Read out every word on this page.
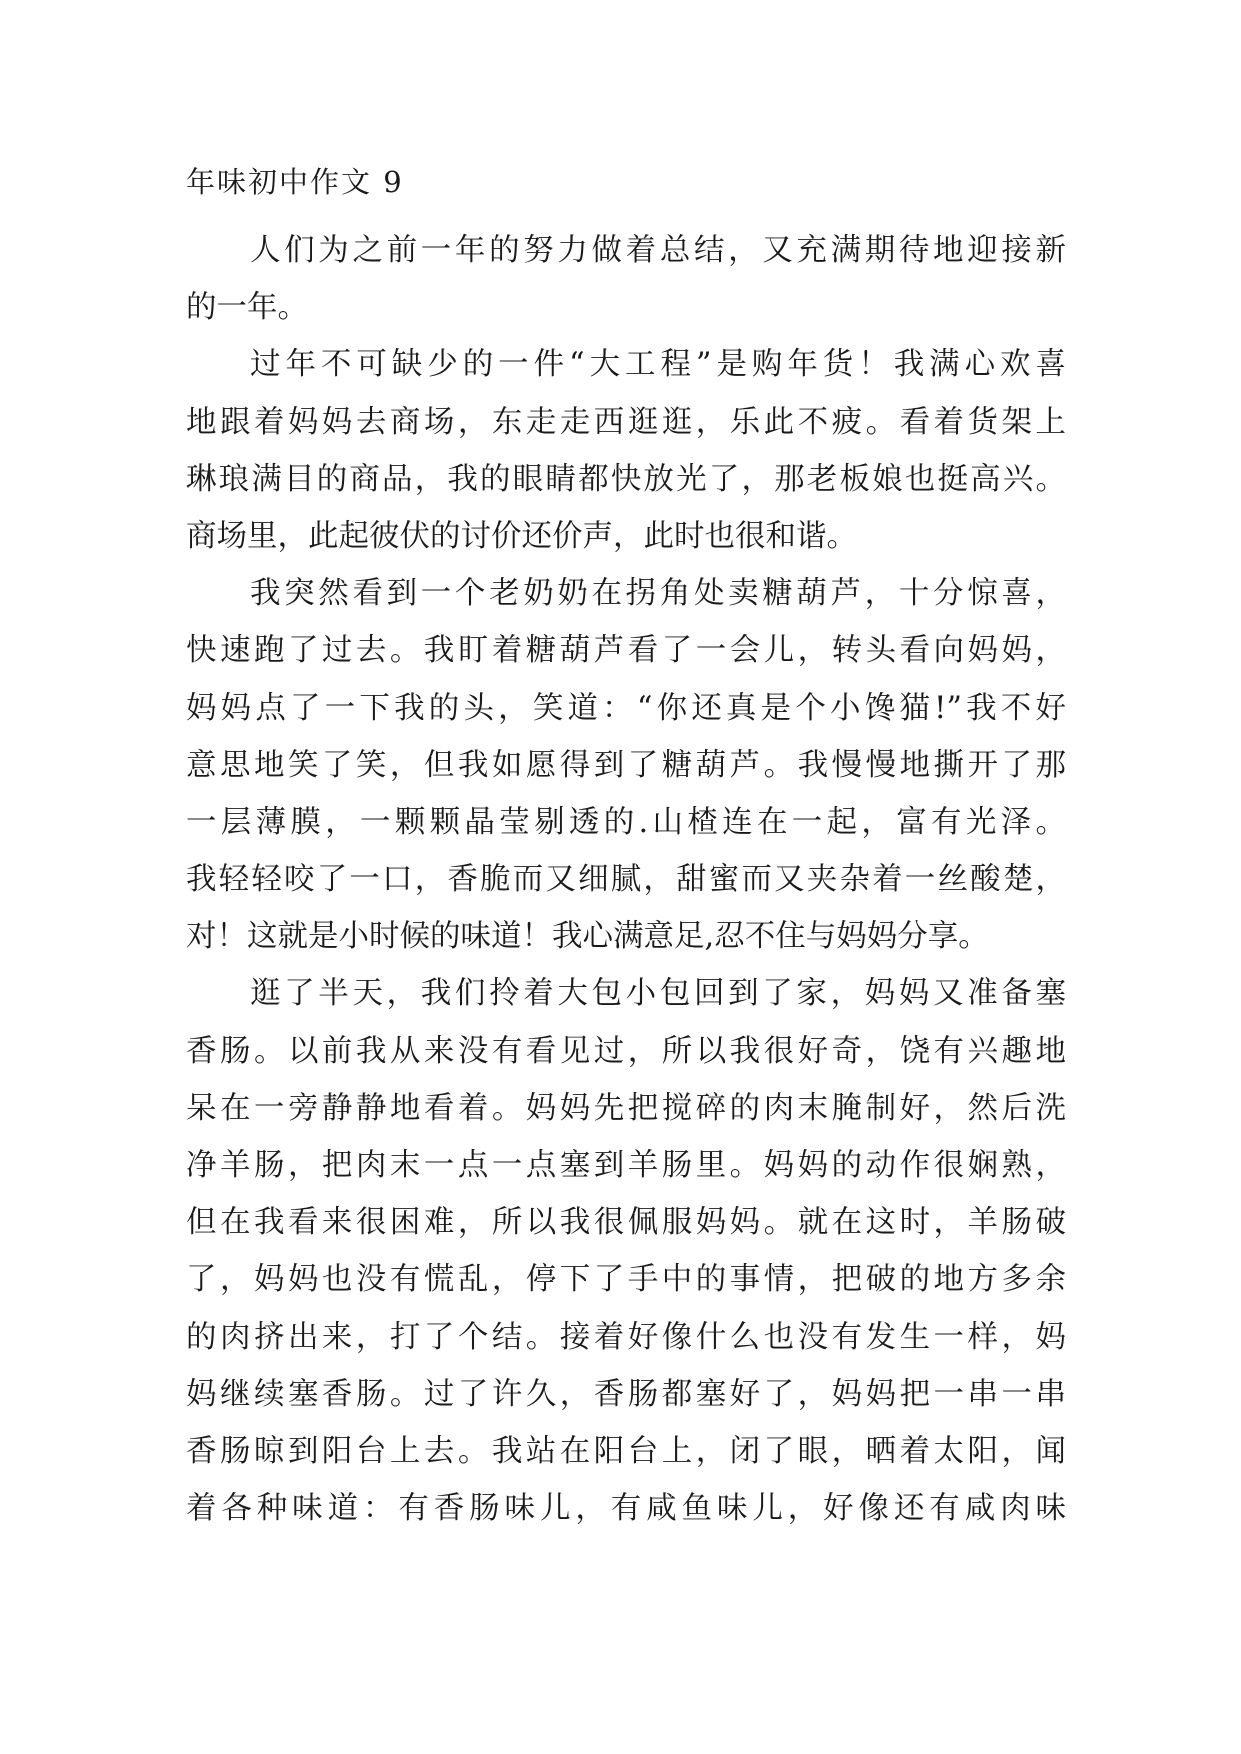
年味初中作文 9
人们为之前一年的努力做着总结，又充满期待地迎接新
的一年。
过年不可缺少的一件“大工程”是购年货！我满心欢喜
地跟着妈妈去商场，东走走西逛逛，乐此不疲。看着货架上
琳琅满目的商品，我的眼睛都快放光了，那老板娘也挺高兴。
商场里，此起彼伏的讨价还价声，此时也很和谐。
我突然看到一个老奶奶在拐角处卖糖葫芦，十分惊喜，
快速跑了过去。我盯着糖葫芦看了一会儿，转头看向妈妈，
妈妈点了一下我的头，笑道：“你还真是个小馋猫!”我不好
意思地笑了笑，但我如愿得到了糖葫芦。我慢慢地撕开了那
一层薄膜，一颗颗晶莹剔透的.山楂连在一起，富有光泽。
我轻轻咬了一口，香脆而又细腻，甜蜜而又夹杂着一丝酸楚，
对！这就是小时候的味道！我心满意足,忍不住与妈妈分享。
逛了半天，我们拎着大包小包回到了家，妈妈又准备塞
香肠。以前我从来没有看见过，所以我很好奇，饶有兴趣地
呆在一旁静静地看着。妈妈先把搅碎的肉末腌制好，然后洗
净羊肠，把肉末一点一点塞到羊肠里。妈妈的动作很娴熟，
但在我看来很困难，所以我很佩服妈妈。就在这时，羊肠破
了，妈妈也没有慌乱，停下了手中的事情，把破的地方多余
的肉挤出来，打了个结。接着好像什么也没有发生一样，妈
妈继续塞香肠。过了许久，香肠都塞好了，妈妈把一串一串
香肠晾到阳台上去。我站在阳台上，闭了眼，晒着太阳，闻
着各种味道：有香肠味儿，有咸鱼味儿，好像还有咸肉味
